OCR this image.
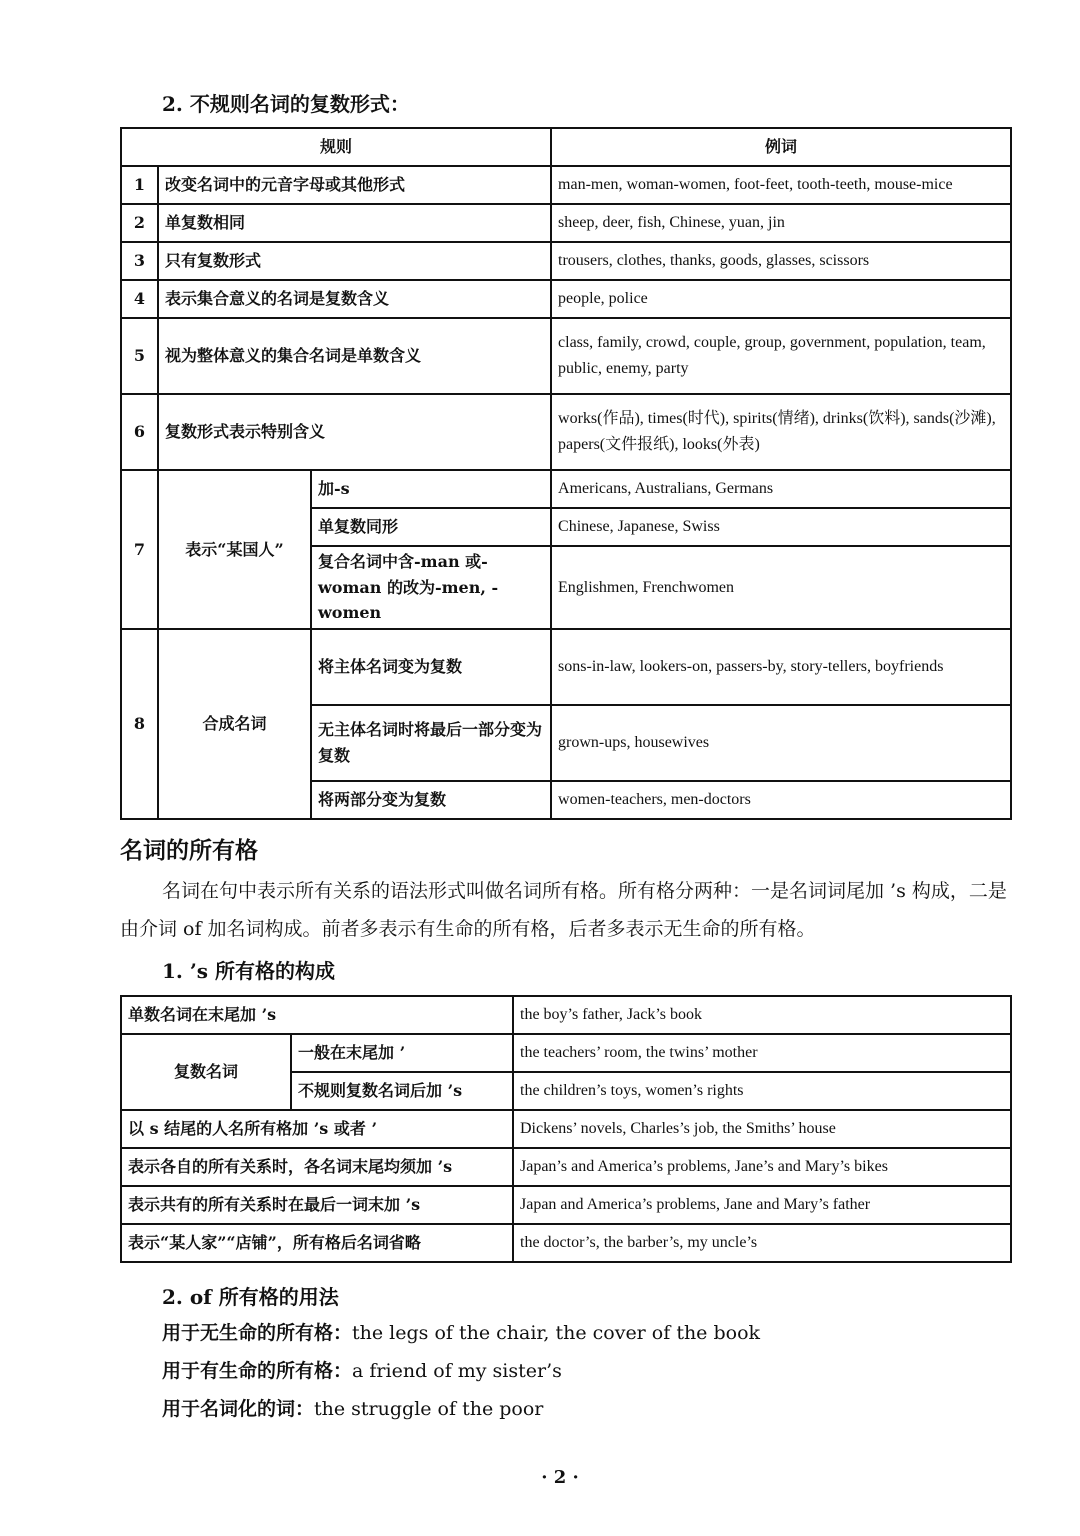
2. 不规则名词的复数形式：
规则			例词
1	改变名词中的元音字母或其他形式		man-men, woman-women, foot-feet, tooth-teeth, mouse-mice
2	单复数相同		sheep, deer, fish, Chinese, yuan, jin
3	只有复数形式		trousers, clothes, thanks, goods, glasses, scissors
4	表示集合意义的名词是复数含义		people, police
5	视为整体意义的集合名词是单数含义		class, family, crowd, couple, group, government, population, team, public, enemy, party
6	复数形式表示特别含义		works(作品), times(时代), spirits(情绪), drinks(饮料), sands(沙滩), papers(文件报纸), looks(外表)
7	表示“某国人”	加-s	Americans, Australians, Germans
		单复数同形	Chinese, Japanese, Swiss
		复合名词中含-man 或-woman 的改为-men, -women	Englishmen, Frenchwomen
8	合成名词	将主体名词变为复数	sons-in-law, lookers-on, passers-by, story-tellers, boyfriends
		无主体名词时将最后一部分变为复数	grown-ups, housewives
		将两部分变为复数	women-teachers, men-doctors
名词的所有格
名词在句中表示所有关系的语法形式叫做名词所有格。所有格分两种：一是名词词尾加 ’s 构成，二是由介词 of 加名词构成。前者多表示有生命的所有格，后者多表示无生命的所有格。
1. ’s 所有格的构成
单数名词在末尾加 ’s		the boy’s father, Jack’s book
复数名词	一般在末尾加 ’	the teachers’ room, the twins’ mother
	不规则复数名词后加 ’s	the children’s toys, women’s rights
以 s 结尾的人名所有格加 ’s 或者 ’		Dickens’ novels, Charles’s job, the Smiths’ house
表示各自的所有关系时，各名词末尾均须加 ’s		Japan’s and America’s problems, Jane’s and Mary’s bikes
表示共有的所有关系时在最后一词末加 ’s		Japan and America’s problems, Jane and Mary’s father
表示“某人家”“店铺”，所有格后名词省略		the doctor’s, the barber’s, my uncle’s
2. of 所有格的用法
用于无生命的所有格：the legs of the chair, the cover of the book
用于有生命的所有格：a friend of my sister’s
用于名词化的词：the struggle of the poor
· 2 ·
